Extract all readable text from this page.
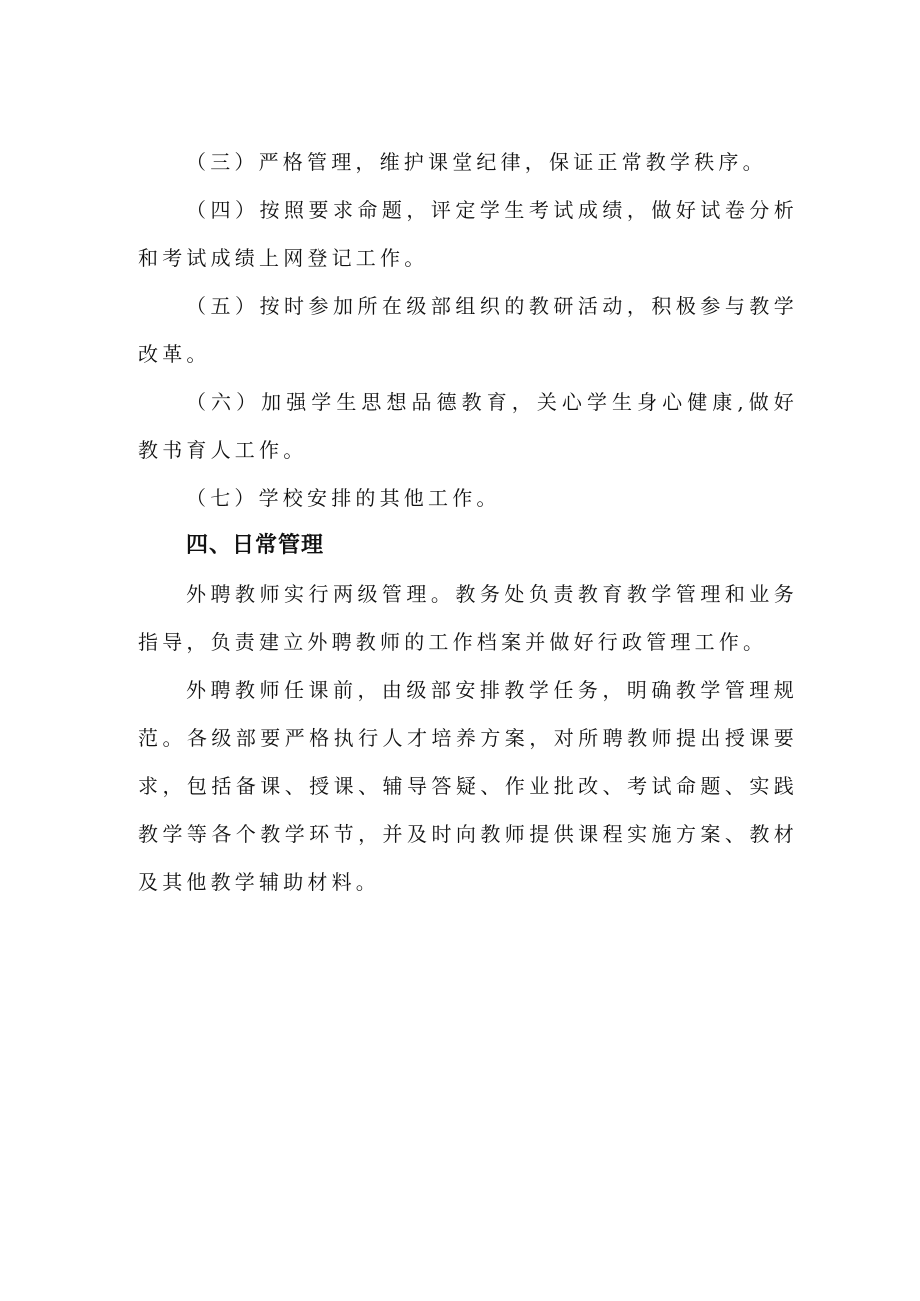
（三）严格管理，维护课堂纪律，保证正常教学秩序。

（四）按照要求命题，评定学生考试成绩，做好试卷分析和考试成绩上网登记工作。

（五）按时参加所在级部组织的教研活动，积极参与教学改革。

（六）加强学生思想品德教育，关心学生身心健康,做好教书育人工作。

（七）学校安排的其他工作。

四、日常管理

外聘教师实行两级管理。教务处负责教育教学管理和业务指导，负责建立外聘教师的工作档案并做好行政管理工作。

外聘教师任课前，由级部安排教学任务，明确教学管理规范。各级部要严格执行人才培养方案，对所聘教师提出授课要求，包括备课、授课、辅导答疑、作业批改、考试命题、实践教学等各个教学环节，并及时向教师提供课程实施方案、教材及其他教学辅助材料。
